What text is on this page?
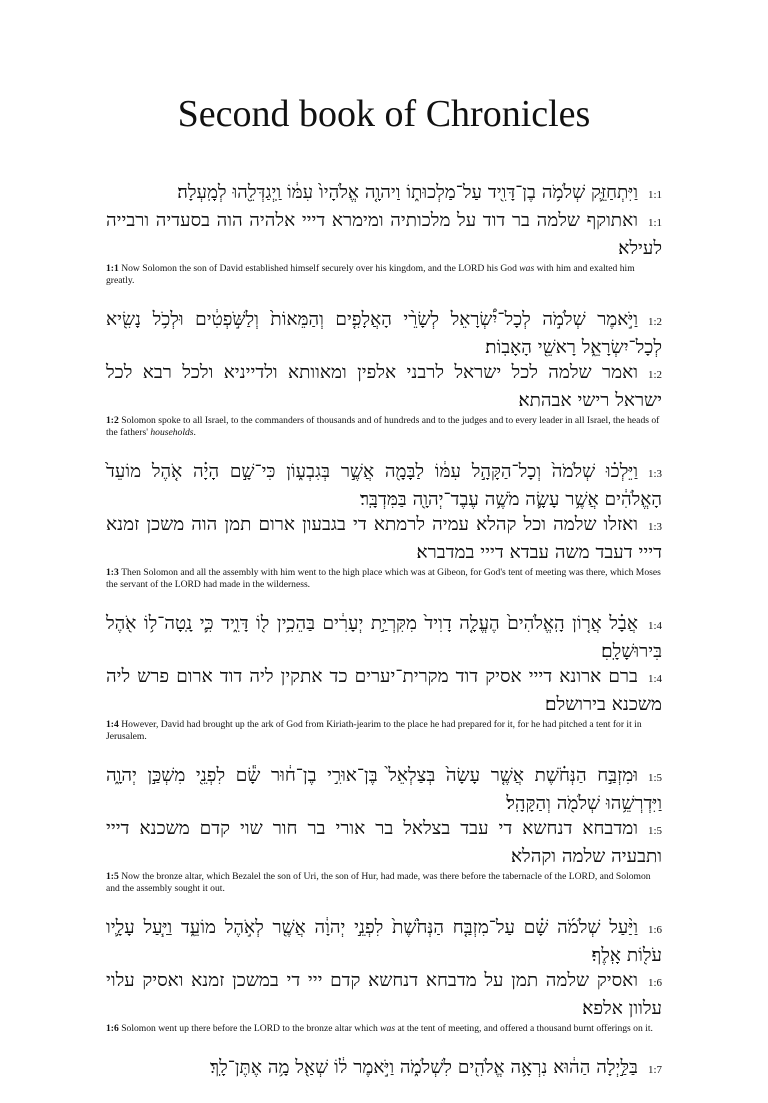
Second book of Chronicles

1:1וַיִּתְחַזֵּ֛ק שְׁלֹמֹ֥ה בֶן־דָּוִ֖יד עַל־מַלְכוּת֑וֹ וַיהוָ֤ה אֱלֹהָיו֙ עִמּ֔וֹ וַֽיְגַדְּלֵ֖הוּ לְמָֽעְלָה׃

1:1ואתוקף שלמה בר דוד על מלכותיה ומימרא דייי אלהיה הוה בסעדיה ורבייה לעילא׃

1:1 Now Solomon the son of David established himself securely over his kingdom, and the LORD his God was with him and exalted him greatly.

1:2וַיֹּ֣אמֶר שְׁלֹמֹ֣ה לְכָל־יִ֠שְׂרָאֵל לְשָׂרֵ֨י הָאֲלָפִ֤ים וְהַמֵּאוֹת֙ וְלַשֹּׁ֣פְטִ֔ים וּלְכֹ֥ל נָשִׂ֖יא לְכָל־יִשְׂרָאֵ֑ל רָאשֵׁ֖י הָאָבֽוֹת׃

1:2ואמר שלמה לכל ישראל לרבני אלפין ומאוותא ולדייניא ולכל רבא לכל ישראל רישי אבהתא׃

1:2 Solomon spoke to all Israel, to the commanders of thousands and of hundreds and to the judges and to every leader in all Israel, the heads of the fathers' households.

1:3וַיֵּלְכ֗וּ שְׁלֹמֹה֙ וְכָל־הַקָּהָ֣ל עִמּ֔וֹ לַבָּמָ֖ה אֲשֶׁ֣ר בְּגִבְע֑וֹן כִּי־שָׁ֣ם הָיָ֗ה אֹ֤הֶל מוֹעֵד֙ הָאֱלֹהִ֔ים אֲשֶׁ֥ר עָשָׂ֛ה מֹשֶׁ֥ה עֶבֶד־יְהוָ֖ה בַּמִּדְבָּֽר׃

1:3ואזלו שלמה וכל קהלא עמיה לרמתא די בגבעון ארום תמן הוה משכן זמנא דייי דעבד משה עבדא דייי במדברא׃

1:3 Then Solomon and all the assembly with him went to the high place which was at Gibeon, for God's tent of meeting was there, which Moses the servant of the LORD had made in the wilderness.

1:4אֲבָ֗ל אֲר֤וֹן הָֽאֱלֹהִים֙ הֶעֱלָ֤ה דָוִיד֙ מִקִּרְיַ֣ת יְעָרִ֔ים בַּהֵכִ֥ין ל֖וֹ דָּוִ֑יד כִּ֛י נָֽטָה־ל֥וֹ אֹ֖הֶל בִּירוּשָׁלָֽםִ׃

1:4ברם ארונא דייי אסיק דוד מקרית־יערים כד אתקין ליה דוד ארום פרש ליה משכנא בירושלם׃

1:4 However, David had brought up the ark of God from Kiriath-jearim to the place he had prepared for it, for he had pitched a tent for it in Jerusalem.

1:5וּמִזְבַּ֣ח הַנְּחֹ֗שֶׁת אֲשֶׁ֤ר עָשָׂה֙ בְּצַלְאֵל֙ בֶּן־אוּרִ֣י בֶן־ח֔וּר שָׂ֕ם לִפְנֵ֖י מִשְׁכַּ֣ן יְהוָ֑ה וַיִּדְרְשֵׁ֥הוּ שְׁלֹמֹ֖ה וְהַקָּהָֽל׃

1:5ומדבחא דנחשא די עבד בצלאל בר אורי בר חור שוי קדם משכנא דייי ותבעיה שלמה וקהלא׃

1:5 Now the bronze altar, which Bezalel the son of Uri, the son of Hur, had made, was there before the tabernacle of the LORD, and Solomon and the assembly sought it out.

1:6וַיַּ֨עַל שְׁלֹמֹ֜ה שָׁ֗ם עַל־מִזְבַּ֤ח הַנְּחֹ֙שֶׁת֙ לִפְנֵ֣י יְהוָ֔ה אֲשֶׁ֖ר לְאֹ֣הֶל מוֹעֵ֑ד וַיַּ֧עַל עָלָ֛יו עֹל֖וֹת אָֽלֶף׃

1:6ואסיק שלמה תמן על מדבחא דנחשא קדם ייי די במשכן זמנא ואסיק עלוי עלוון אלפא׃

1:6 Solomon went up there before the LORD to the bronze altar which was at the tent of meeting, and offered a thousand burnt offerings on it.

1:7בַּלַּ֣יְלָה הַה֔וּא נִרְאָ֥ה אֱלֹהִ֖ים לִשְׁלֹמֹ֑ה וַיֹּ֣אמֶר ל֔וֹ שְׁאַ֖ל מָ֥ה אֶתֶּן־לָֽךְ׃
